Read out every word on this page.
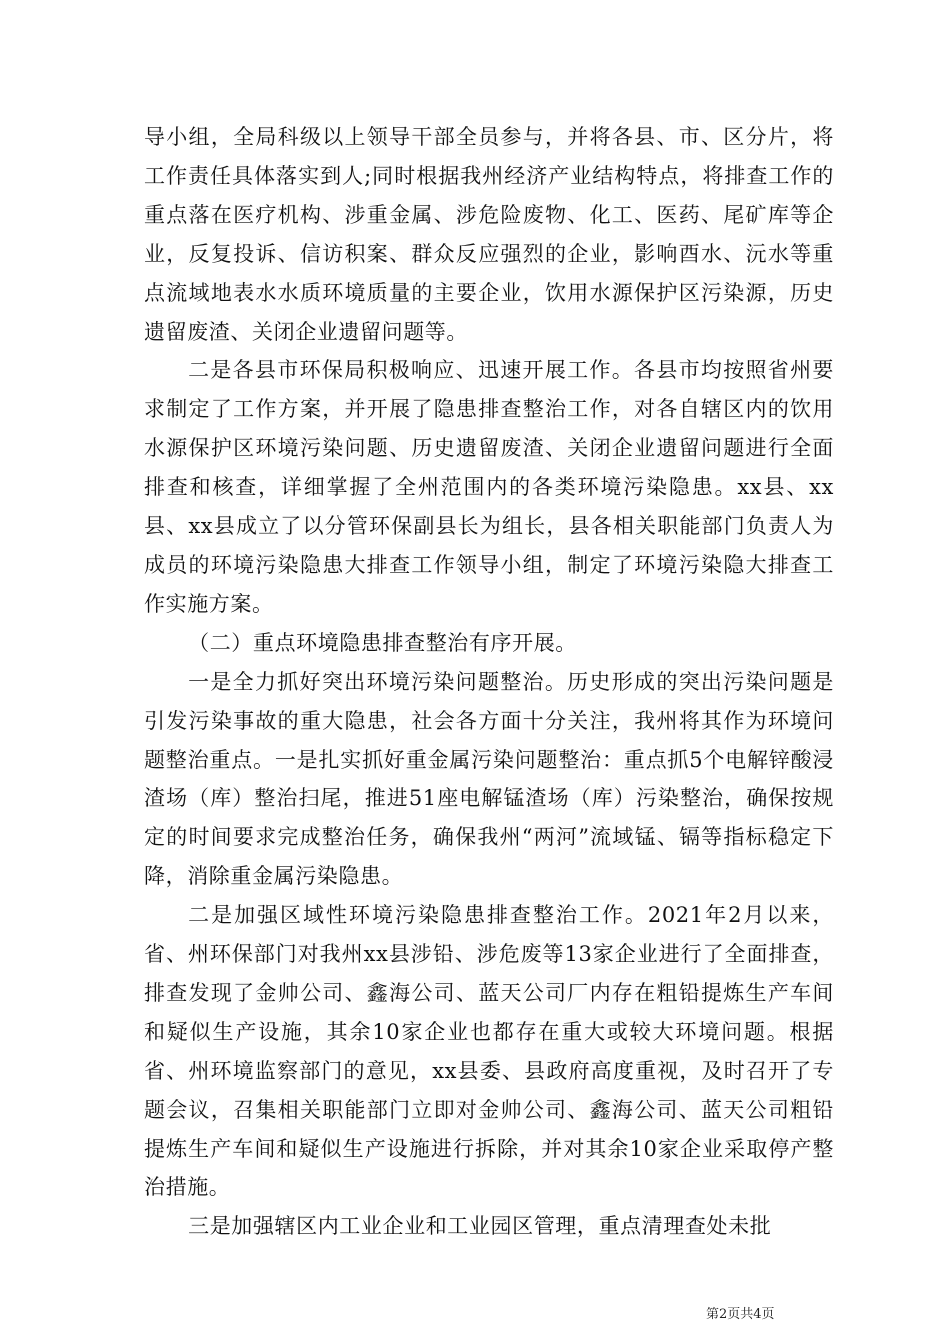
导小组，全局科级以上领导干部全员参与，并将各县、市、区分片，将工作责任具体落实到人;同时根据我州经济产业结构特点，将排查工作的重点落在医疗机构、涉重金属、涉危险废物、化工、医药、尾矿库等企业，反复投诉、信访积案、群众反应强烈的企业，影响酉水、沅水等重点流域地表水水质环境质量的主要企业，饮用水源保护区污染源，历史遗留废渣、关闭企业遗留问题等。

二是各县市环保局积极响应、迅速开展工作。各县市均按照省州要求制定了工作方案，并开展了隐患排查整治工作，对各自辖区内的饮用水源保护区环境污染问题、历史遗留废渣、关闭企业遗留问题进行全面排查和核查，详细掌握了全州范围内的各类环境污染隐患。xx县、xx县、xx县成立了以分管环保副县长为组长，县各相关职能部门负责人为成员的环境污染隐患大排查工作领导小组，制定了环境污染隐大排查工作实施方案。

（二）重点环境隐患排查整治有序开展。

一是全力抓好突出环境污染问题整治。历史形成的突出污染问题是引发污染事故的重大隐患，社会各方面十分关注，我州将其作为环境问题整治重点。一是扎实抓好重金属污染问题整治：重点抓5个电解锌酸浸渣场（库）整治扫尾，推进51座电解锰渣场（库）污染整治，确保按规定的时间要求完成整治任务，确保我州“两河”流域锰、镉等指标稳定下降，消除重金属污染隐患。

二是加强区域性环境污染隐患排查整治工作。2021年2月以来，省、州环保部门对我州xx县涉铅、涉危废等13家企业进行了全面排查，排查发现了金帅公司、鑫海公司、蓝天公司厂内存在粗铅提炼生产车间和疑似生产设施，其余10家企业也都存在重大或较大环境问题。根据省、州环境监察部门的意见，xx县委、县政府高度重视，及时召开了专题会议，召集相关职能部门立即对金帅公司、鑫海公司、蓝天公司粗铅提炼生产车间和疑似生产设施进行拆除，并对其余10家企业采取停产整治措施。

三是加强辖区内工业企业和工业园区管理，重点清理查处未批

第2页共4页
